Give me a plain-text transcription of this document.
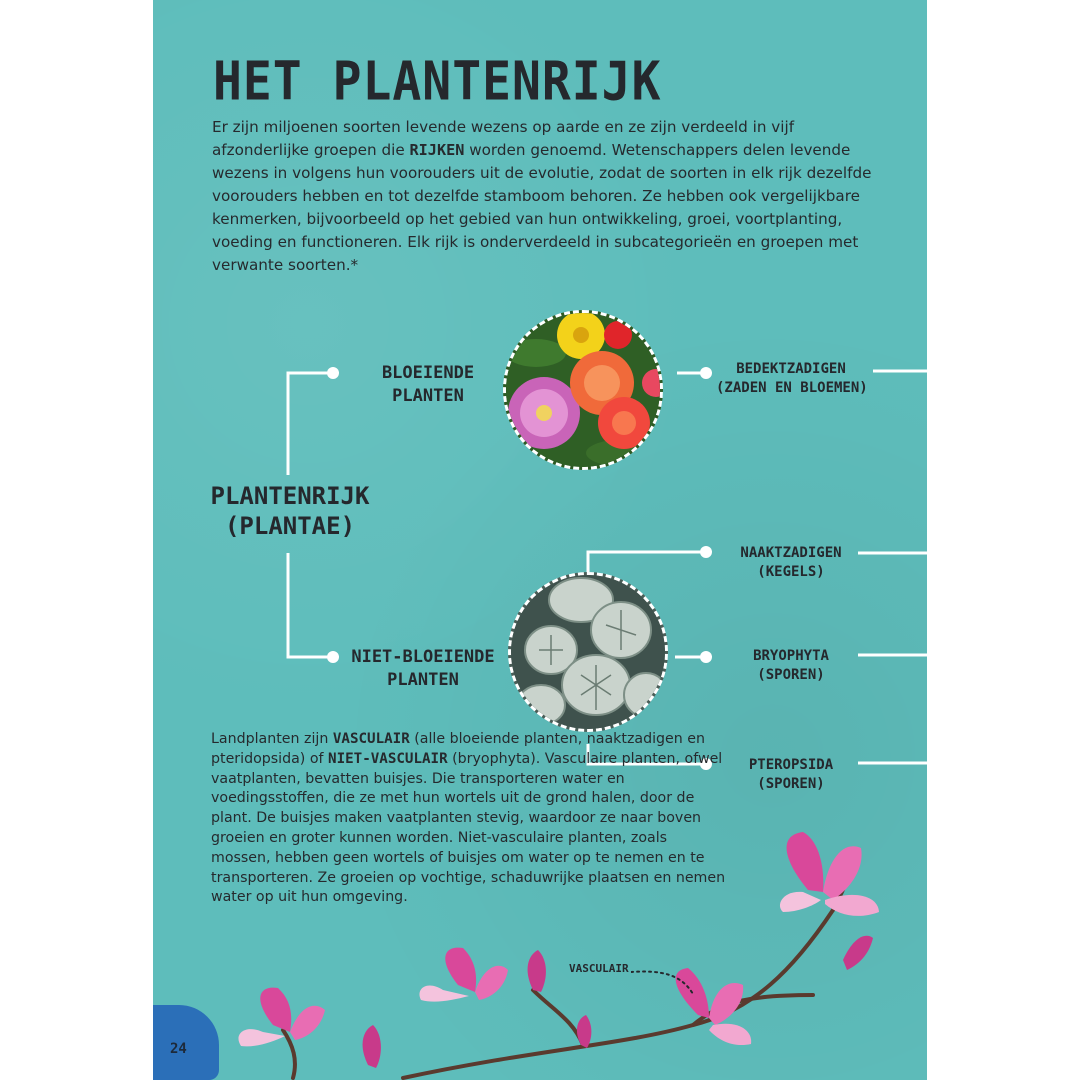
HET PLANTENRIJK

Er zijn miljoenen soorten levende wezens op aarde en ze zijn verdeeld in vijf afzonderlijke groepen die RIJKEN worden genoemd. Wetenschappers delen levende wezens in volgens hun voorouders uit de evolutie, zodat de soorten in elk rijk dezelfde voorouders hebben en tot dezelfde stamboom behoren. Ze hebben ook vergelijkbare kenmerken, bijvoorbeeld op het gebied van hun ontwikkeling, groei, voortplanting, voeding en functioneren. Elk rijk is onderverdeeld in subcategorieën en groepen met verwante soorten.*

PLANTENRIJK
(PLANTAE)
BLOEIENDE
PLANTEN
NIET-BLOEIENDE
PLANTEN
BEDEKTZADIGEN
(ZADEN EN BLOEMEN)
NAAKTZADIGEN
(KEGELS)
BRYOPHYTA
(SPOREN)
PTEROPSIDA
(SPOREN)

Landplanten zijn VASCULAIR (alle bloeiende planten, naaktzadigen en pteridopsida) of NIET-VASCULAIR (bryophyta). Vasculaire planten, ofwel vaatplanten, bevatten buisjes. Die transporteren water en voedingsstoffen, die ze met hun wortels uit de grond halen, door de plant. De buisjes maken vaatplanten stevig, waardoor ze naar boven groeien en groter kunnen worden. Niet-vasculaire planten, zoals mossen, hebben geen wortels of buisjes om water op te nemen en te transporteren. Ze groeien op vochtige, schaduwrijke plaatsen en nemen water op uit hun omgeving.

VASCULAIR
24
